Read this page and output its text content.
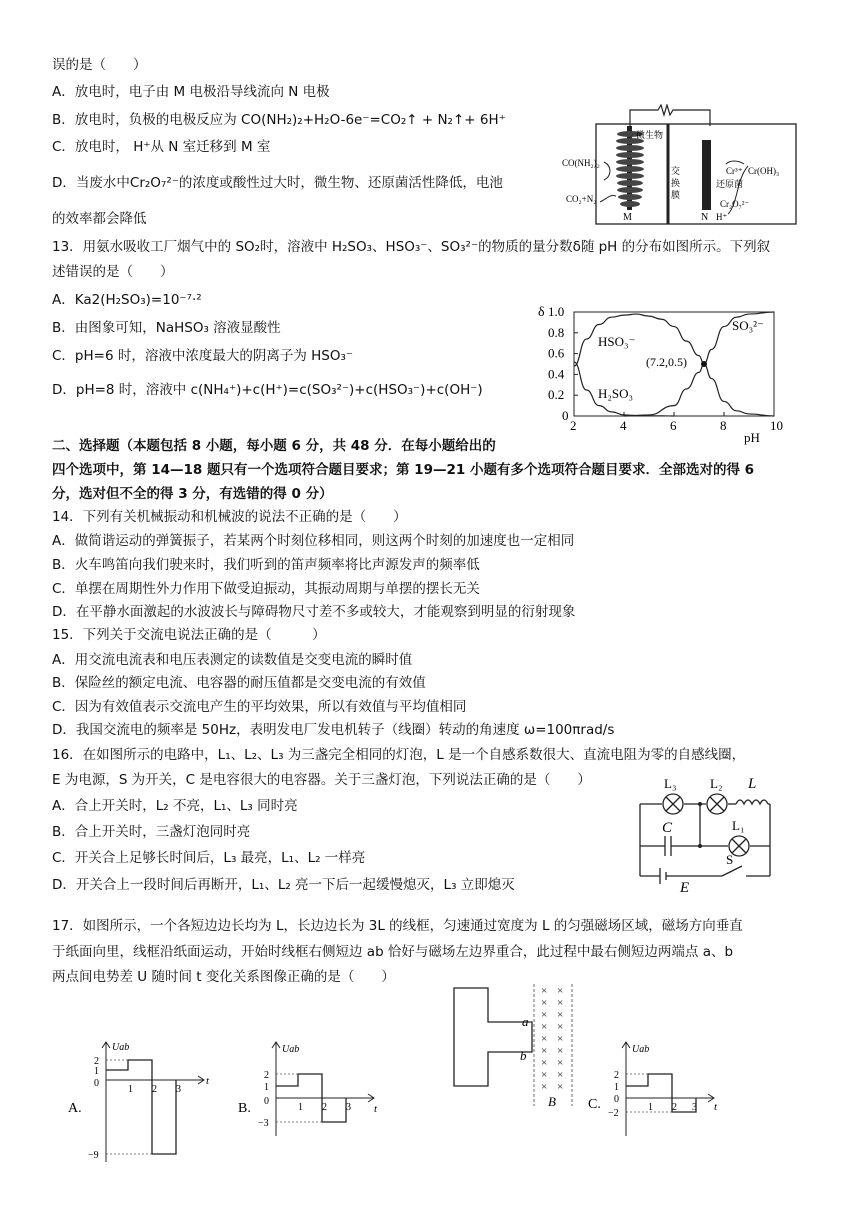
误的是（　　）
A．放电时，电子由 M 电极沿导线流向 N 电极
B．放电时，负极的电极反应为 CO(NH₂)₂+H₂O-6e⁻=CO₂↑ + N₂↑+ 6H⁺
C．放电时， H⁺从 N 室迁移到 M 室
D．当废水中Cr₂O₇²⁻的浓度或酸性过大时，微生物、还原菌活性降低，电池
的效率都会降低
微生物
交
换
膜
CO(NH₂)₂
CO₂+N₂
M	N
Cr³⁺ Cr(OH)₃
还原菌
Cr₂O₇²⁻
H⁺
13．用氨水吸收工厂烟气中的 SO₂时，溶液中 H₂SO₃、HSO₃⁻、SO₃²⁻的物质的量分数δ随 pH 的分布如图所示。下列叙
述错误的是（　　）
A．Ka2(H₂SO₃)=10⁻⁷·²
B．由图象可知，NaHSO₃ 溶液显酸性
C．pH=6 时，溶液中浓度最大的阴离子为 HSO₃⁻
D．pH=8 时，溶液中 c(NH₄⁺)+c(H⁺)=c(SO₃²⁻)+c(HSO₃⁻)+c(OH⁻)
2	4	6	8	10
0
0.2
0.4
0.6
0.8
1.0
δ
pH
HSO₃⁻
SO₃²⁻
H₂SO₃
(7.2,0.5)
二、选择题（本题包括 8 小题，每小题 6 分，共 48 分．在每小题给出的
四个选项中，第 14—18 题只有一个选项符合题目要求；第 19—21 小题有多个选项符合题目要求．全部选对的得 6
分，选对但不全的得 3 分，有选错的得 0 分）
14．下列有关机械振动和机械波的说法不正确的是（　　）
A．做简谐运动的弹簧振子，若某两个时刻位移相同，则这两个时刻的加速度也一定相同
B．火车鸣笛向我们驶来时，我们听到的笛声频率将比声源发声的频率低
C．单摆在周期性外力作用下做受迫振动，其振动周期与单摆的摆长无关
D．在平静水面激起的水波波长与障碍物尺寸差不多或较大，才能观察到明显的衍射现象
15．下列关于交流电说法正确的是（　　　）
A．用交流电流表和电压表测定的读数值是交变电流的瞬时值
B．保险丝的额定电流、电容器的耐压值都是交变电流的有效值
C．因为有效值表示交流电产生的平均效果，所以有效值与平均值相同
D．我国交流电的频率是 50Hz，表明发电厂发电机转子（线圈）转动的角速度 ω=100πrad/s
16．在如图所示的电路中，L₁、L₂、L₃ 为三盏完全相同的灯泡，L 是一个自感系数很大、直流电阻为零的自感线圈，
E 为电源，S 为开关，C 是电容很大的电容器。关于三盏灯泡，下列说法正确的是（　　）
A．合上开关时，L₂ 不亮，L₁、L₃ 同时亮
B．合上开关时，三盏灯泡同时亮
C．开关合上足够长时间后，L₃ 最亮，L₁、L₂ 一样亮
D．开关合上一段时间后再断开，L₁、L₂ 亮一下后一起缓慢熄灭，L₃ 立即熄灭
L₃	L₂ L
C	L₁
E
S
17．如图所示，一个各短边边长均为 L，长边边长为 3L 的线框，匀速通过宽度为 L 的匀强磁场区域，磁场方向垂直
于纸面向里，线框沿纸面运动，开始时线框右侧短边 ab 恰好与磁场左边界重合，此过程中最右侧短边两端点 a、b
两点间电势差 U 随时间 t 变化关系图像正确的是（　　）
× ×
× ×
× ×
× ×
× ×
× ×
× ×
× ×
× ×
a
b
B
A.
Uab
t
2
1
0
−9
1 2 3
B.
Uab
t
2
1
0
−3
1 2 3	C.
Uab
t
2
1
0
−2
1 2 3
